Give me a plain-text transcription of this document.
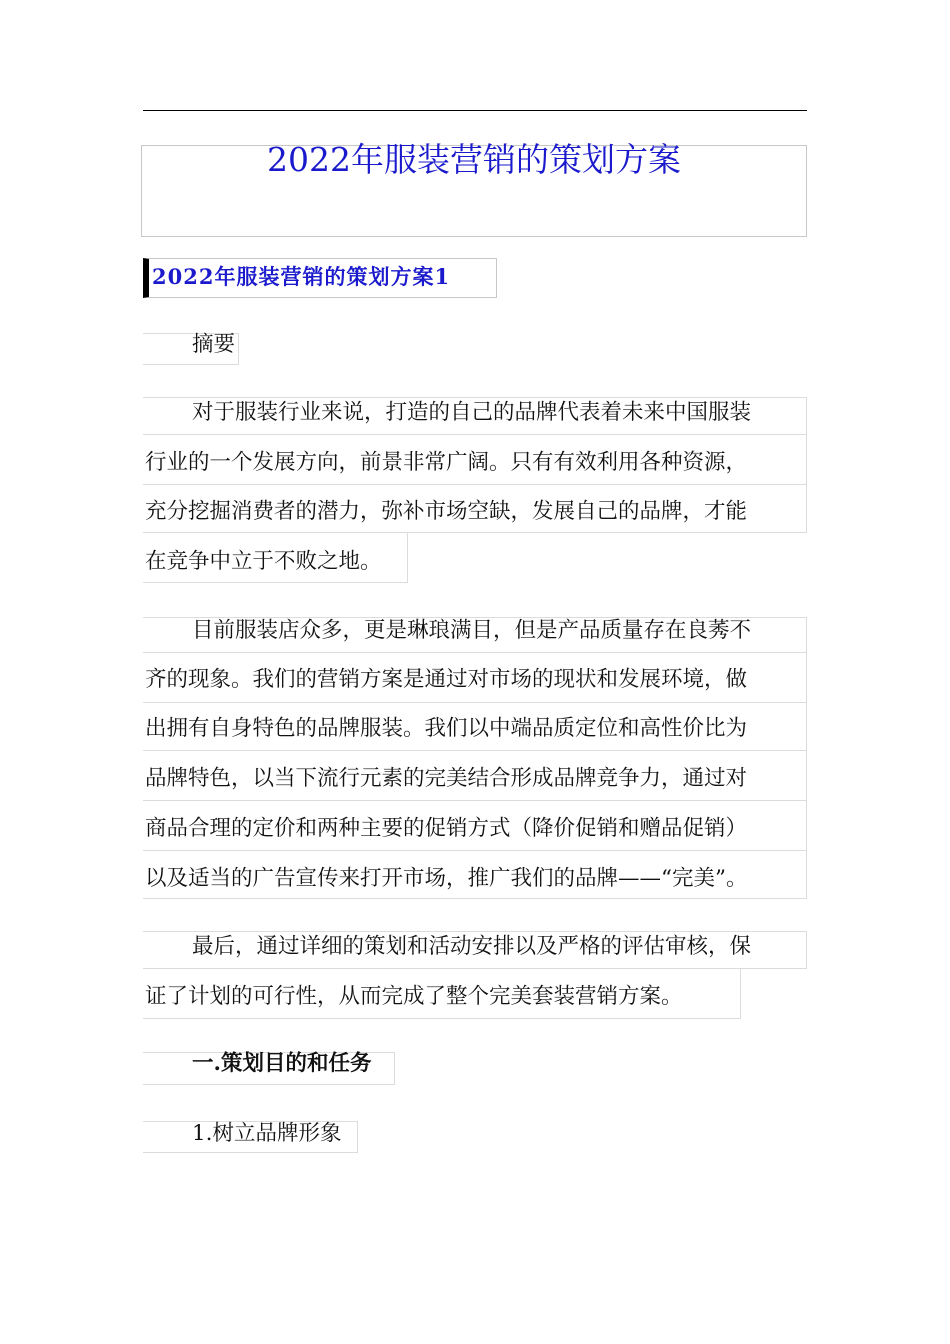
2022年服装营销的策划方案
2022年服装营销的策划方案1
摘要
对于服装行业来说，打造的自己的品牌代表着未来中国服装
行业的一个发展方向，前景非常广阔。只有有效利用各种资源，
充分挖掘消费者的潜力，弥补市场空缺，发展自己的品牌，才能
在竞争中立于不败之地。
目前服装店众多，更是琳琅满目，但是产品质量存在良莠不
齐的现象。我们的营销方案是通过对市场的现状和发展环境，做
出拥有自身特色的品牌服装。我们以中端品质定位和高性价比为
品牌特色，以当下流行元素的完美结合形成品牌竞争力，通过对
商品合理的定价和两种主要的促销方式（降价促销和赠品促销）
以及适当的广告宣传来打开市场，推广我们的品牌——“完美”。
最后，通过详细的策划和活动安排以及严格的评估审核，保
证了计划的可行性，从而完成了整个完美套装营销方案。
一.策划目的和任务
1.树立品牌形象
